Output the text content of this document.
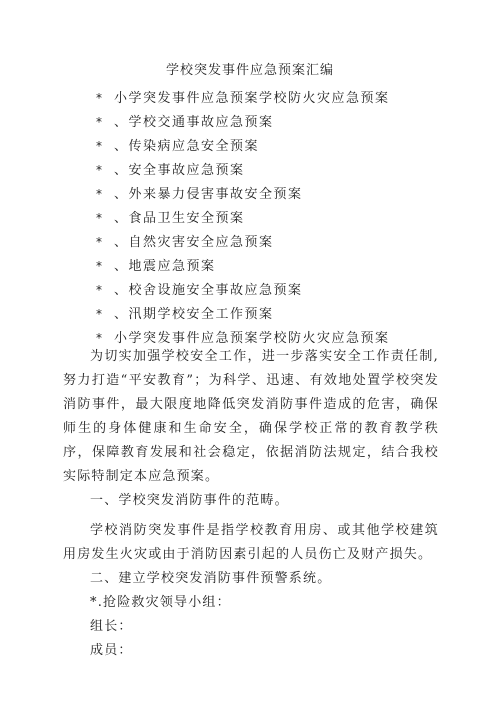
学校突发事件应急预案汇编
* 小学突发事件应急预案学校防火灾应急预案
* 、学校交通事故应急预案
* 、传染病应急安全预案
* 、安全事故应急预案
* 、外来暴力侵害事故安全预案
* 、食品卫生安全预案
* 、自然灾害安全应急预案
* 、地震应急预案
* 、校舍设施安全事故应急预案
* 、汛期学校安全工作预案
* 小学突发事件应急预案学校防火灾应急预案

为切实加强学校安全工作，进一步落实安全工作责任制,努力打造“平安教育”；为科学、迅速、有效地处置学校突发消防事件，最大限度地降低突发消防事件造成的危害，确保师生的身体健康和生命安全，确保学校正常的教育教学秩序，保障教育发展和社会稳定，依据消防法规定，结合我校实际特制定本应急预案。

一、学校突发消防事件的范畴。

学校消防突发事件是指学校教育用房、或其他学校建筑用房发生火灾或由于消防因素引起的人员伤亡及财产损失。

二、建立学校突发消防事件预警系统。

*.抢险救灾领导小组：

组长：

成员：
